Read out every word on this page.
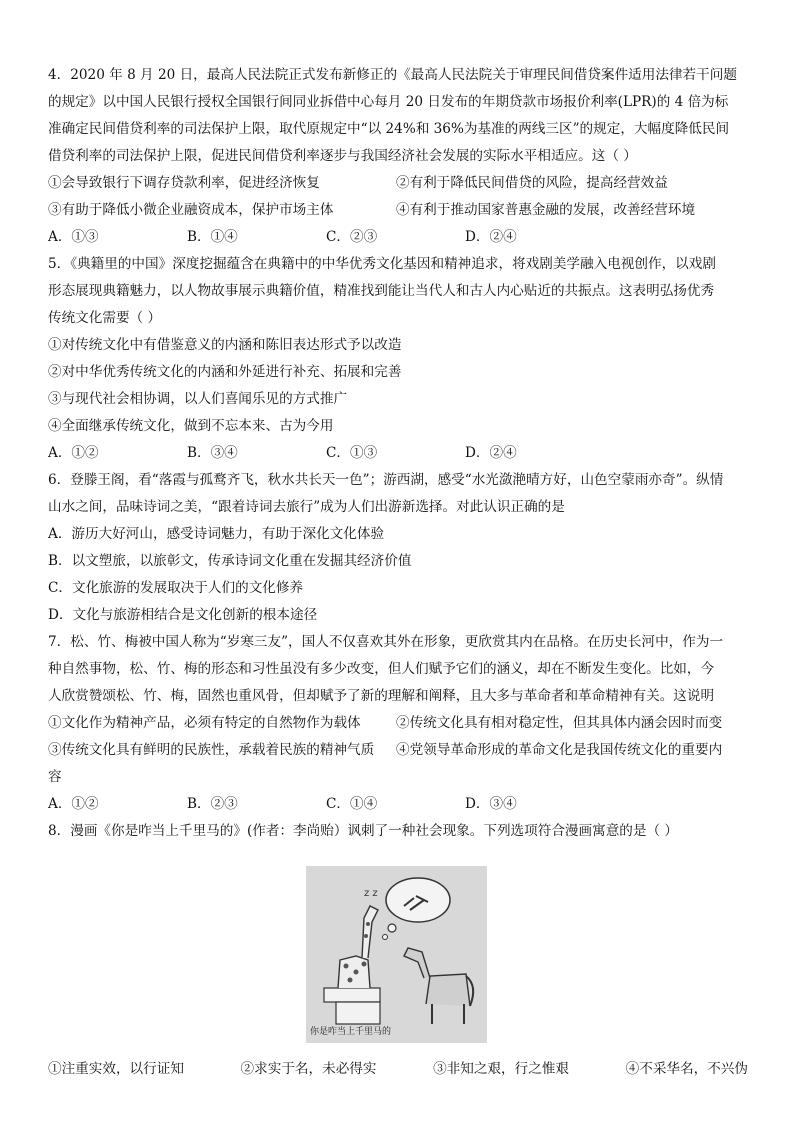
4．2020 年 8 月 20 日，最高人民法院正式发布新修正的《最高人民法院关于审理民间借贷案件适用法律若干问题
的规定》以中国人民银行授权全国银行间同业拆借中心每月 20 日发布的年期贷款市场报价利率(LPR)的 4 倍为标
准确定民间借贷利率的司法保护上限，取代原规定中“以 24%和 36%为基准的两线三区”的规定，大幅度降低民间
借贷利率的司法保护上限，促进民间借贷利率逐步与我国经济社会发展的实际水平相适应。这（ ）
①会导致银行下调存贷款利率，促进经济恢复	②有利于降低民间借贷的风险，提高经营效益
③有助于降低小微企业融资成本，保护市场主体	④有利于推动国家普惠金融的发展，改善经营环境
A．①③	B．①④	C．②③	D．②④
5．《典籍里的中国》深度挖掘蕴含在典籍中的中华优秀文化基因和精神追求，将戏剧美学融入电视创作，以戏剧
形态展现典籍魅力，以人物故事展示典籍价值，精准找到能让当代人和古人内心贴近的共振点。这表明弘扬优秀
传统文化需要（ ）
①对传统文化中有借鉴意义的内涵和陈旧表达形式予以改造
②对中华优秀传统文化的内涵和外延进行补充、拓展和完善
③与现代社会相协调，以人们喜闻乐见的方式推广
④全面继承传统文化，做到不忘本来、古为今用
A．①②	B．③④	C．①③	D．②④
6．登滕王阁，看“落霞与孤鹜齐飞，秋水共长天一色”；游西湖，感受“水光潋滟晴方好，山色空蒙雨亦奇”。纵情
山水之间，品味诗词之美，“跟着诗词去旅行”成为人们出游新选择。对此认识正确的是
A．游历大好河山，感受诗词魅力，有助于深化文化体验
B．以文塑旅，以旅彰文，传承诗词文化重在发掘其经济价值
C．文化旅游的发展取决于人们的文化修养
D．文化与旅游相结合是文化创新的根本途径
7．松、竹、梅被中国人称为“岁寒三友”，国人不仅喜欢其外在形象，更欣赏其内在品格。在历史长河中，作为一
种自然事物，松、竹、梅的形态和习性虽没有多少改变，但人们赋予它们的涵义，却在不断发生变化。比如，今
人欣赏赞颂松、竹、梅，固然也重风骨，但却赋予了新的理解和阐释，且大多与革命者和革命精神有关。这说明
①文化作为精神产品，必须有特定的自然物作为载体	②传统文化具有相对稳定性，但其具体内涵会因时而变
③传统文化具有鲜明的民族性，承载着民族的精神气质	④党领导革命形成的革命文化是我国传统文化的重要内
容
A．①②	B．②③	C．①④	D．③④
8．漫画《你是咋当上千里马的》(作者：李尚贻）讽刺了一种社会现象。下列选项符合漫画寓意的是（ ）
z z
你是咋当上千里马的
①注重实效，以行证知	②求实于名，未必得实	③非知之艰，行之惟艰	④不采华名，不兴伪
